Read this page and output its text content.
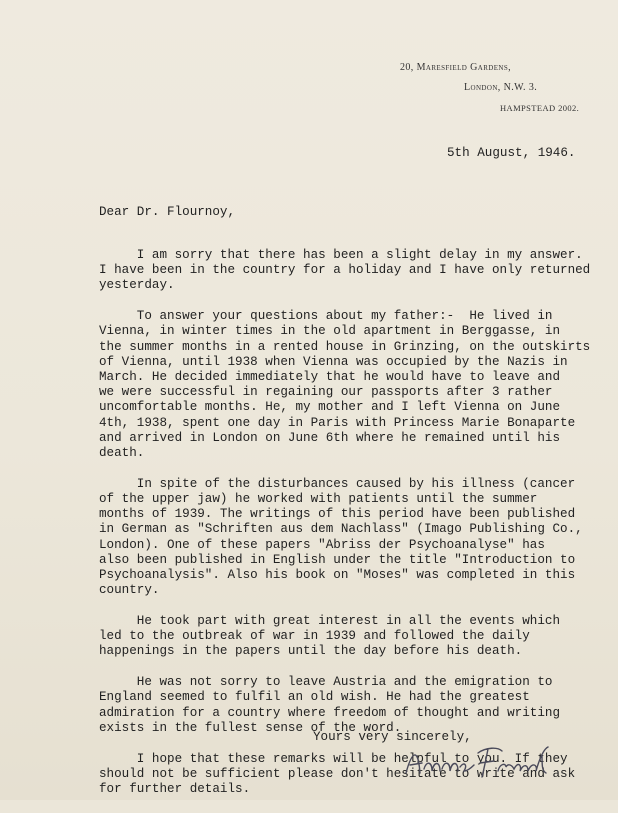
20, Maresfield Gardens,
London, N.W. 3.
HAMPSTEAD 2002.
5th August, 1946.
Dear Dr. Flournoy,
I am sorry that there has been a slight delay in my answer.
I have been in the country for a holiday and I have only returned
yesterday.
To answer your questions about my father:-  He lived in
Vienna, in winter times in the old apartment in Berggasse, in
the summer months in a rented house in Grinzing, on the outskirts
of Vienna, until 1938 when Vienna was occupied by the Nazis in
March. He decided immediately that he would have to leave and
we were successful in regaining our passports after 3 rather
uncomfortable months. He, my mother and I left Vienna on June
4th, 1938, spent one day in Paris with Princess Marie Bonaparte
and arrived in London on June 6th where he remained until his
death.
In spite of the disturbances caused by his illness (cancer
of the upper jaw) he worked with patients until the summer
months of 1939. The writings of this period have been published
in German as "Schriften aus dem Nachlass" (Imago Publishing Co.,
London). One of these papers "Abriss der Psychoanalyse" has
also been published in English under the title "Introduction to
Psychoanalysis". Also his book on "Moses" was completed in this
country.
He took part with great interest in all the events which
led to the outbreak of war in 1939 and followed the daily
happenings in the papers until the day before his death.
He was not sorry to leave Austria and the emigration to
England seemed to fulfil an old wish. He had the greatest
admiration for a country where freedom of thought and writing
exists in the fullest sense of the word.
I hope that these remarks will be helpful to you. If they
should not be sufficient please don't hesitate to write and ask
for further details.
Yours very sincerely,
